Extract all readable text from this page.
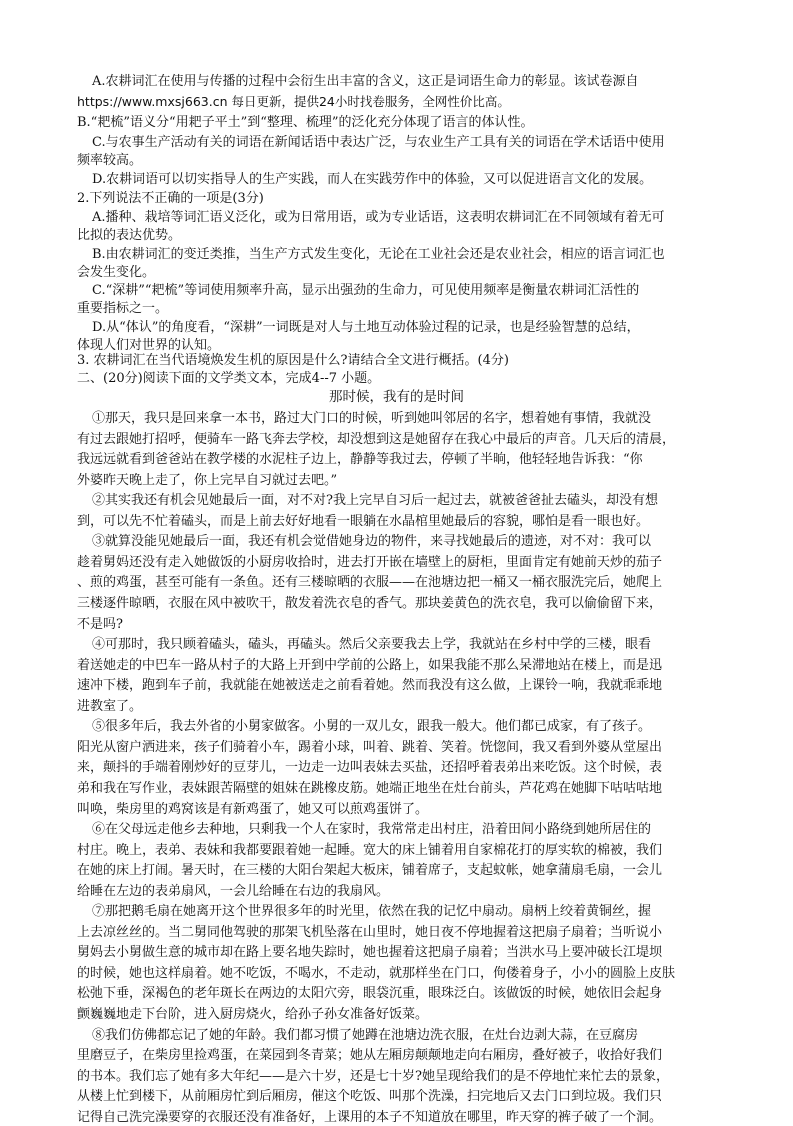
A.农耕词汇在使用与传播的过程中会衍生出丰富的含义，这正是词语生命力的彰显。该试卷源自
https://www.mxsj663.cn 每日更新，提供24小时找卷服务，全网性价比高。
B.“耙梳”语义分“用耙子平土”到“整理、梳理”的泛化充分体现了语言的体认性。
C.与农事生产活动有关的词语在新闻话语中表达广泛，与农业生产工具有关的词语在学术话语中使用
频率较高。
D.农耕词语可以切实指导人的生产实践，而人在实践劳作中的体验，又可以促进语言文化的发展。
2.下列说法不正确的一项是(3分)
A.播种、栽培等词汇语义泛化，或为日常用语，或为专业话语，这表明农耕词汇在不同领域有着无可
比拟的表达优势。
B.由农耕词汇的变迁类推，当生产方式发生变化，无论在工业社会还是农业社会，相应的语言词汇也
会发生变化。
C.“深耕”“耙梳”等词使用频率升高，显示出强劲的生命力，可见使用频率是衡量农耕词汇活性的
重要指标之一。
D.从“体认”的角度看，“深耕”一词既是对人与土地互动体验过程的记录，也是经验智慧的总结，
体现人们对世界的认知。
3. 农耕词汇在当代语境焕发生机的原因是什么?请结合全文进行概括。(4分)
二、(20分)阅读下面的文学类文本，完成4--7 小题。
那时候，我有的是时间
①那天，我只是回来拿一本书，路过大门口的时候，听到她叫邻居的名字，想着她有事情，我就没
有过去跟她打招呼，便骑车一路飞奔去学校，却没想到这是她留存在我心中最后的声音。几天后的清晨，
我远远就看到爸爸站在教学楼的水泥柱子边上，静静等我过去，停顿了半晌，他轻轻地告诉我：“你
外婆昨天晚上走了，你上完早自习就过去吧。”
②其实我还有机会见她最后一面，对不对?我上完早自习后一起过去，就被爸爸扯去磕头，却没有想
到，可以先不忙着磕头，而是上前去好好地看一眼躺在水晶棺里她最后的容貌，哪怕是看一眼也好。
③就算没能见她最后一面，我还有机会觉借她身边的物件，来寻找她最后的遗迹，对不对：我可以
趁着舅妈还没有走入她做饭的小厨房收拾时，进去打开嵌在墙壁上的厨柜，里面肯定有她前天炒的茄子
、煎的鸡蛋，甚至可能有一条鱼。还有三楼晾晒的衣服——在池塘边把一桶又一桶衣服洗完后，她爬上
三楼逐件晾晒，衣服在风中被吹干，散发着洗衣皂的香气。那块姜黄色的洗衣皂，我可以偷偷留下来，
不是吗?
④可那时，我只顾着磕头，磕头，再磕头。然后父亲要我去上学，我就站在乡村中学的三楼，眼看
着送她走的中巴车一路从村子的大路上开到中学前的公路上，如果我能不那么呆滞地站在楼上，而是迅
速冲下楼，跑到车子前，我就能在她被送走之前看着她。然而我没有这么做，上课铃一响，我就乖乖地
进教室了。
⑤很多年后，我去外省的小舅家做客。小舅的一双儿女，跟我一般大。他们都已成家，有了孩子。
阳光从窗户洒进来，孩子们骑着小车，踢着小球，叫着、跳着、笑着。恍惚间，我又看到外婆从堂屋出
来，颠抖的手端着刚炒好的豆芽儿，一边走一边叫表妹去买盐，还招呼着表弟出来吃饭。这个时候，表
弟和我在写作业，表妹跟苦隔壁的姐妹在跳橡皮筋。她端正地坐在灶台前头，芦花鸡在她脚下咕咕咕地
叫唤，柴房里的鸡窝该是有新鸡蛋了，她又可以煎鸡蛋饼了。
⑥在父母远走他乡去种地，只剩我一个人在家时，我常常走出村庄，沿着田间小路绕到她所居住的
村庄。晚上，表弟、表妹和我都要跟着她一起睡。宽大的床上铺着用自家棉花打的厚实软的棉被，我们
在她的床上打闹。暑天时，在三楼的大阳台架起大板床，铺着席子，支起蚊帐，她拿蒲扇毛扇，一会儿
给睡在左边的表弟扇风，一会儿给睡在右边的我扇风。
⑦那把鹅毛扇在她离开这个世界很多年的时光里，依然在我的记忆中扇动。扇柄上绞着黄铜丝，握
上去凉丝丝的。当二舅同他驾驶的那架飞机坠落在山里时，她日夜不停地握着这把扇子扇着；当听说小
舅妈去小舅做生意的城市却在路上要名地失踪时，她也握着这把扇子扇着；当洪水马上要冲破长江堤坝
的时候，她也这样扇着。她不吃饭，不喝水，不走动，就那样坐在门口，佝偻着身子，小小的圆脸上皮肤
松弛下垂，深褐色的老年斑长在两边的太阳穴旁，眼袋沉重，眼珠泛白。该做饭的时候，她依旧会起身
颤巍巍地走下台阶，进入厨房烧火，给孙子孙女准备好饭菜。
⑧我们仿佛都忘记了她的年龄。我们都习惯了她蹲在池塘边洗衣服，在灶台边剥大蒜，在豆腐房
里磨豆子，在柴房里捡鸡蛋，在菜园到冬青菜；她从左厢房颠颠地走向右厢房，叠好被子，收拾好我们
的书本。我们忘了她有多大年纪——是六十岁，还是七十岁?她呈现给我们的是不停地忙来忙去的景象，
从楼上忙到楼下，从前厢房忙到后厢房，催这个吃饭、叫那个洗澡，扫完地后又去门口到垃圾。我们只
记得自己洗完澡要穿的衣服还没有准备好，上课用的本子不知道放在哪里，昨天穿的裤子破了一个洞。
